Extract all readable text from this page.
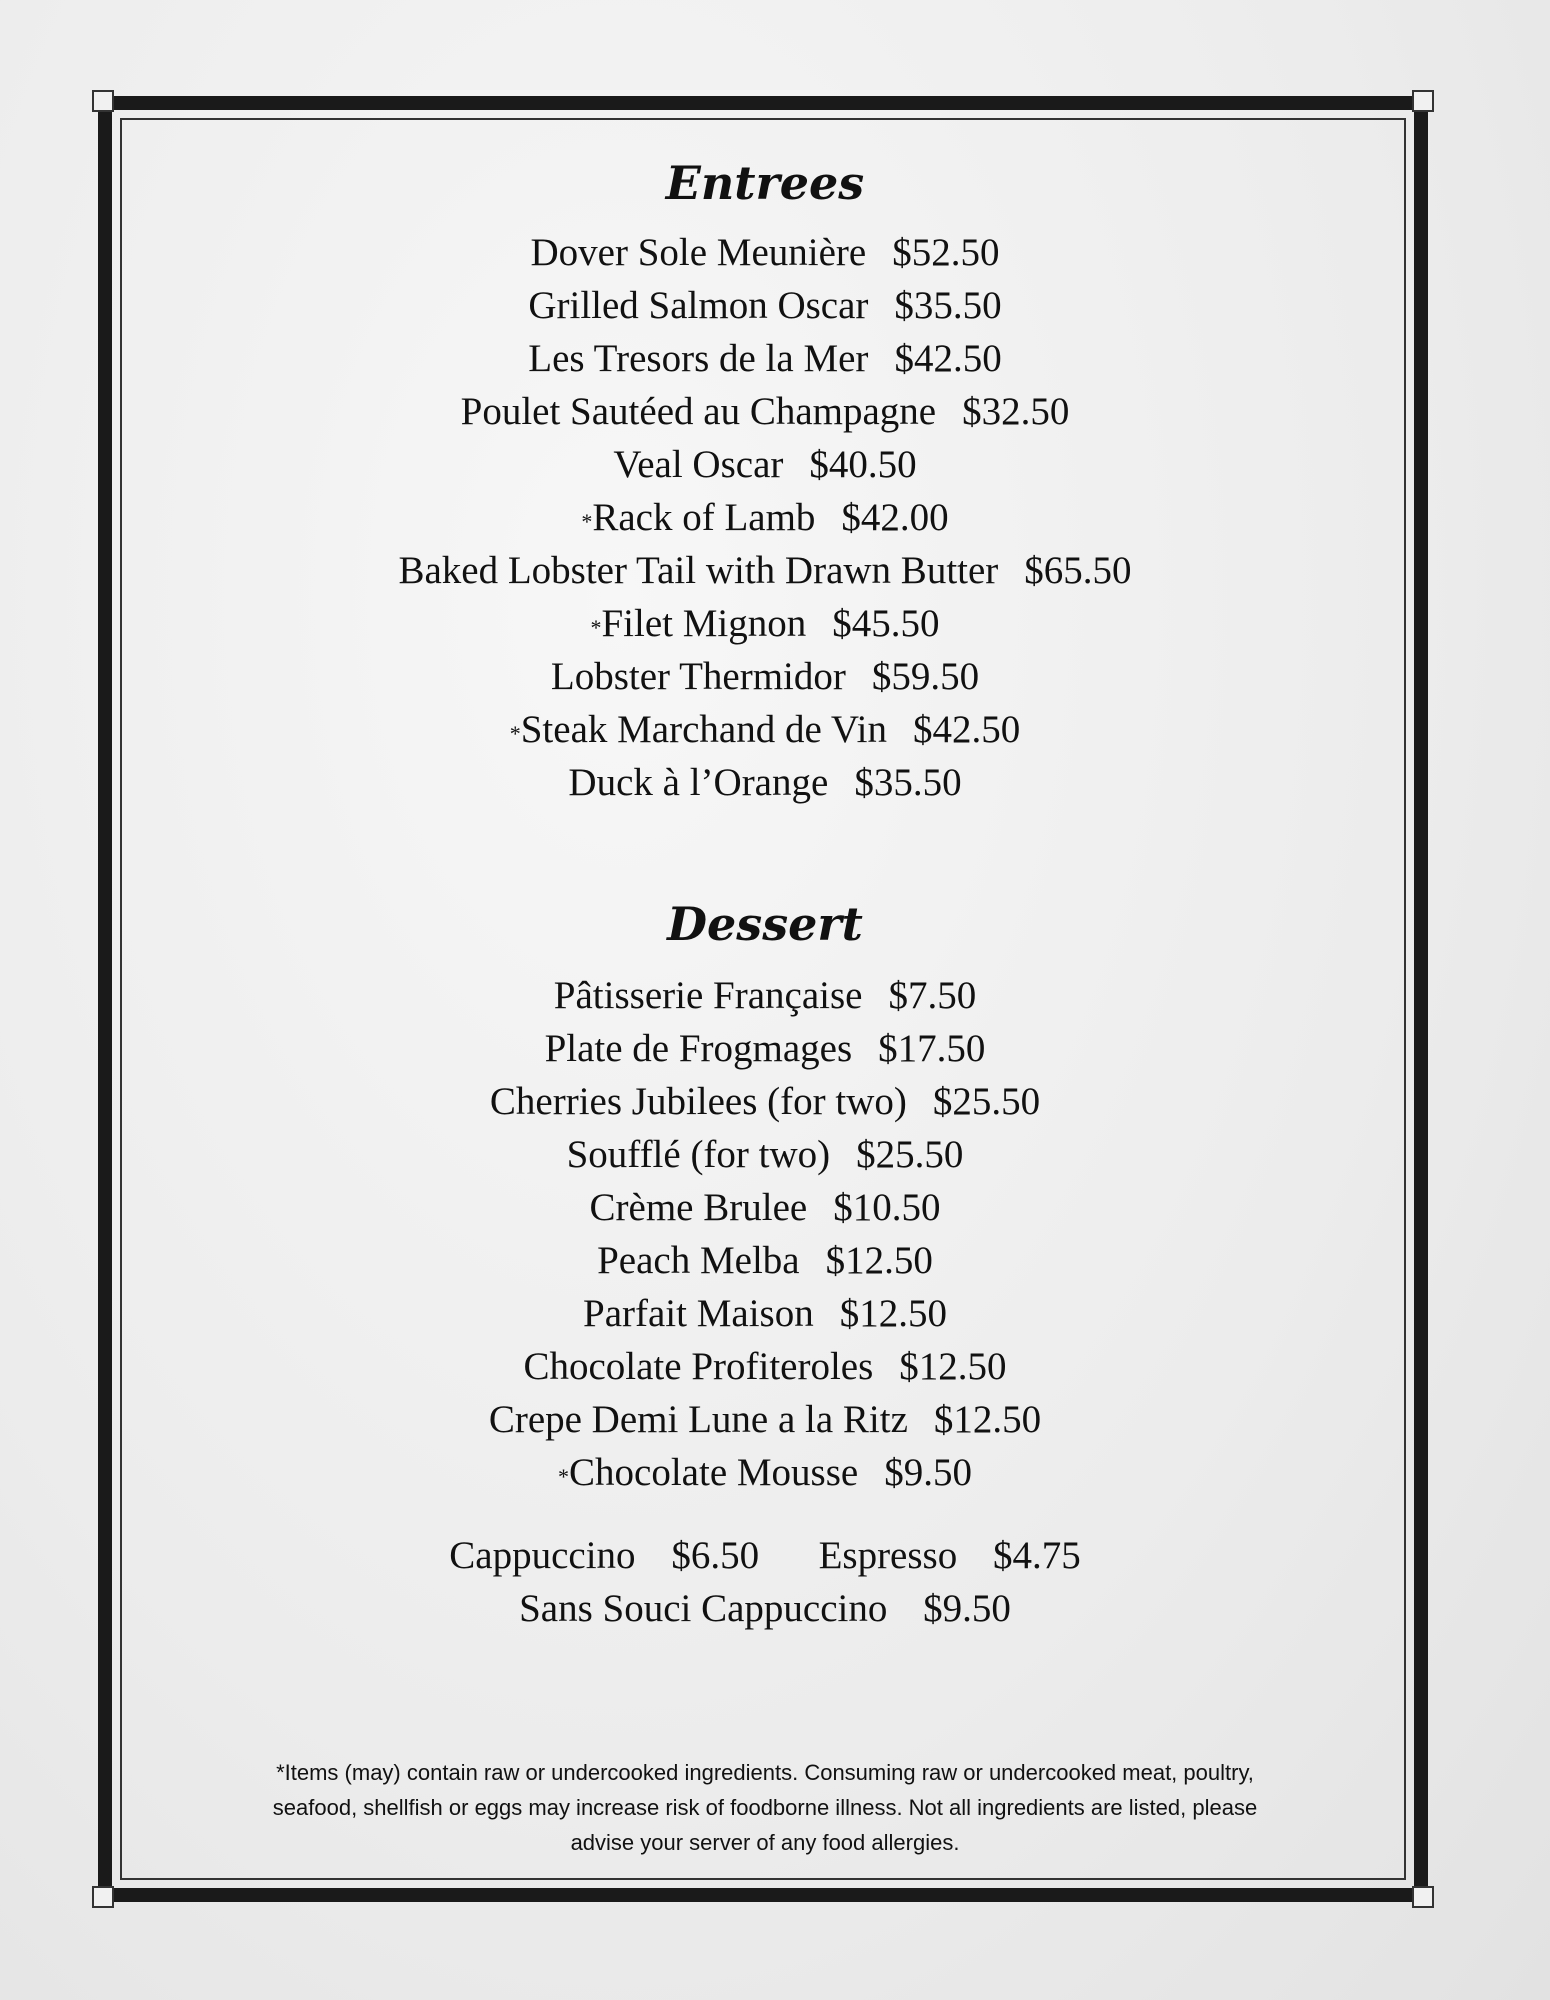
Entrees
Dover Sole Meunière $52.50
Grilled Salmon Oscar $35.50
Les Tresors de la Mer $42.50
Poulet Sautéed au Champagne $32.50
Veal Oscar $40.50
*Rack of Lamb $42.00
Baked Lobster Tail with Drawn Butter $65.50
*Filet Mignon $45.50
Lobster Thermidor $59.50
*Steak Marchand de Vin $42.50
Duck à l’Orange $35.50
Dessert
Pâtisserie Française $7.50
Plate de Frogmages $17.50
Cherries Jubilees (for two) $25.50
Soufflé (for two) $25.50
Crème Brulee $10.50
Peach Melba $12.50
Parfait Maison $12.50
Chocolate Profiteroles $12.50
Crepe Demi Lune a la Ritz $12.50
*Chocolate Mousse $9.50
Cappuccino $6.50 Espresso $4.75
Sans Souci Cappuccino $9.50
*Items (may) contain raw or undercooked ingredients. Consuming raw or undercooked meat, poultry,
seafood, shellfish or eggs may increase risk of foodborne illness. Not all ingredients are listed, please
advise your server of any food allergies.
